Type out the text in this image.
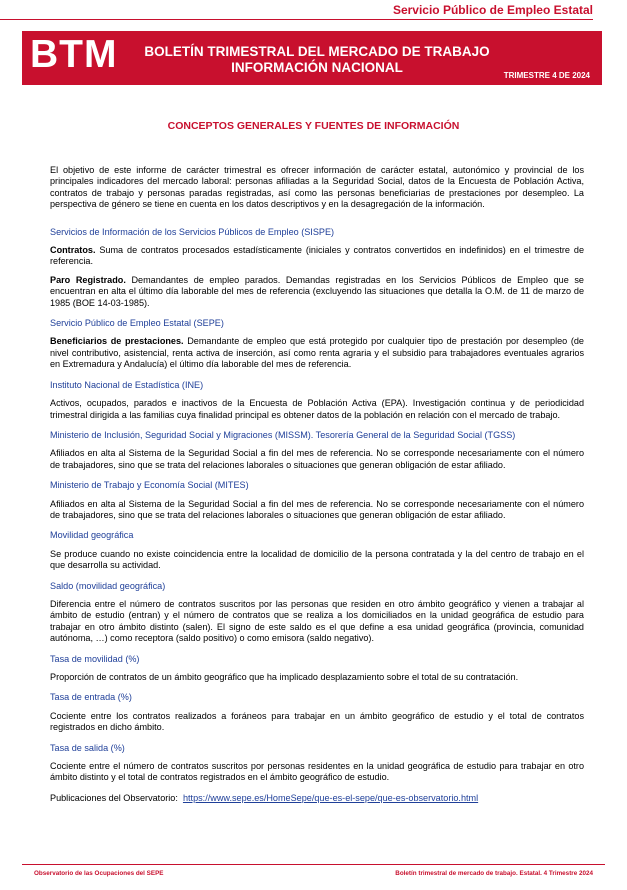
Servicio Público de Empleo Estatal
BTM BOLETÍN TRIMESTRAL DEL MERCADO DE TRABAJO
INFORMACIÓN NACIONAL
TRIMESTRE 4 DE 2024
CONCEPTOS GENERALES Y FUENTES DE INFORMACIÓN

El objetivo de este informe de carácter trimestral es ofrecer información de carácter estatal, autonómico y provincial de los principales indicadores del mercado laboral: personas afiliadas a la Seguridad Social, datos de la Encuesta de Población Activa, contratos de trabajo y personas paradas registradas, así como las personas beneficiarias de prestaciones por desempleo. La perspectiva de género se tiene en cuenta en los datos descriptivos y en la desagregación de la información.

Servicios de Información de los Servicios Públicos de Empleo (SISPE)

Contratos. Suma de contratos procesados estadísticamente (iniciales y contratos convertidos en indefinidos) en el trimestre de referencia.

Paro Registrado. Demandantes de empleo parados. Demandas registradas en los Servicios Públicos de Empleo que se encuentran en alta el último día laborable del mes de referencia (excluyendo las situaciones que detalla la O.M. de 11 de marzo de 1985 (BOE 14-03-1985).

Servicio Público de Empleo Estatal (SEPE)

Beneficiarios de prestaciones. Demandante de empleo que está protegido por cualquier tipo de prestación por desempleo (de nivel contributivo, asistencial, renta activa de inserción, así como renta agraria y el subsidio para trabajadores eventuales agrarios en Extremadura y Andalucía) el último día laborable del mes de referencia.

Instituto Nacional de Estadística (INE)

Activos, ocupados, parados e inactivos de la Encuesta de Población Activa (EPA). Investigación continua y de periodicidad trimestral dirigida a las familias cuya finalidad principal es obtener datos de la población en relación con el mercado de trabajo.

Ministerio de Inclusión, Seguridad Social y Migraciones (MISSM). Tesorería General de la Seguridad Social (TGSS)

Afiliados en alta al Sistema de la Seguridad Social a fin del mes de referencia. No se corresponde necesariamente con el número de trabajadores, sino que se trata del relaciones laborales o situaciones que generan obligación de estar afiliado.

Ministerio de Trabajo y Economía Social (MITES)

Afiliados en alta al Sistema de la Seguridad Social a fin del mes de referencia. No se corresponde necesariamente con el número de trabajadores, sino que se trata del relaciones laborales o situaciones que generan obligación de estar afiliado.

Movilidad geográfica

Se produce cuando no existe coincidencia entre la localidad de domicilio de la persona contratada y la del centro de trabajo en el que desarrolla su actividad.

Saldo (movilidad geográfica)

Diferencia entre el número de contratos suscritos por las personas que residen en otro ámbito geográfico y vienen a trabajar al ámbito de estudio (entran) y el número de contratos que se realiza a los domiciliados en la unidad geográfica de estudio para trabajar en otro ámbito distinto (salen). El signo de este saldo es el que define a esa unidad geográfica (provincia, comunidad autónoma, …) como receptora (saldo positivo) o como emisora (saldo negativo).

Tasa de movilidad (%)

Proporción de contratos de un ámbito geográfico que ha implicado desplazamiento sobre el total de su contratación.

Tasa de entrada (%)

Cociente entre los contratos realizados a foráneos para trabajar en un ámbito geográfico de estudio y el total de contratos registrados en dicho ámbito.

Tasa de salida (%)

Cociente entre el número de contratos suscritos por personas residentes en la unidad geográfica de estudio para trabajar en otro ámbito distinto y el total de contratos registrados en el ámbito geográfico de estudio.

Publicaciones del Observatorio: https://www.sepe.es/HomeSepe/que-es-el-sepe/que-es-observatorio.html

Observatorio de las Ocupaciones del SEPE	Boletín trimestral de mercado de trabajo. Estatal. 4 Trimestre 2024
